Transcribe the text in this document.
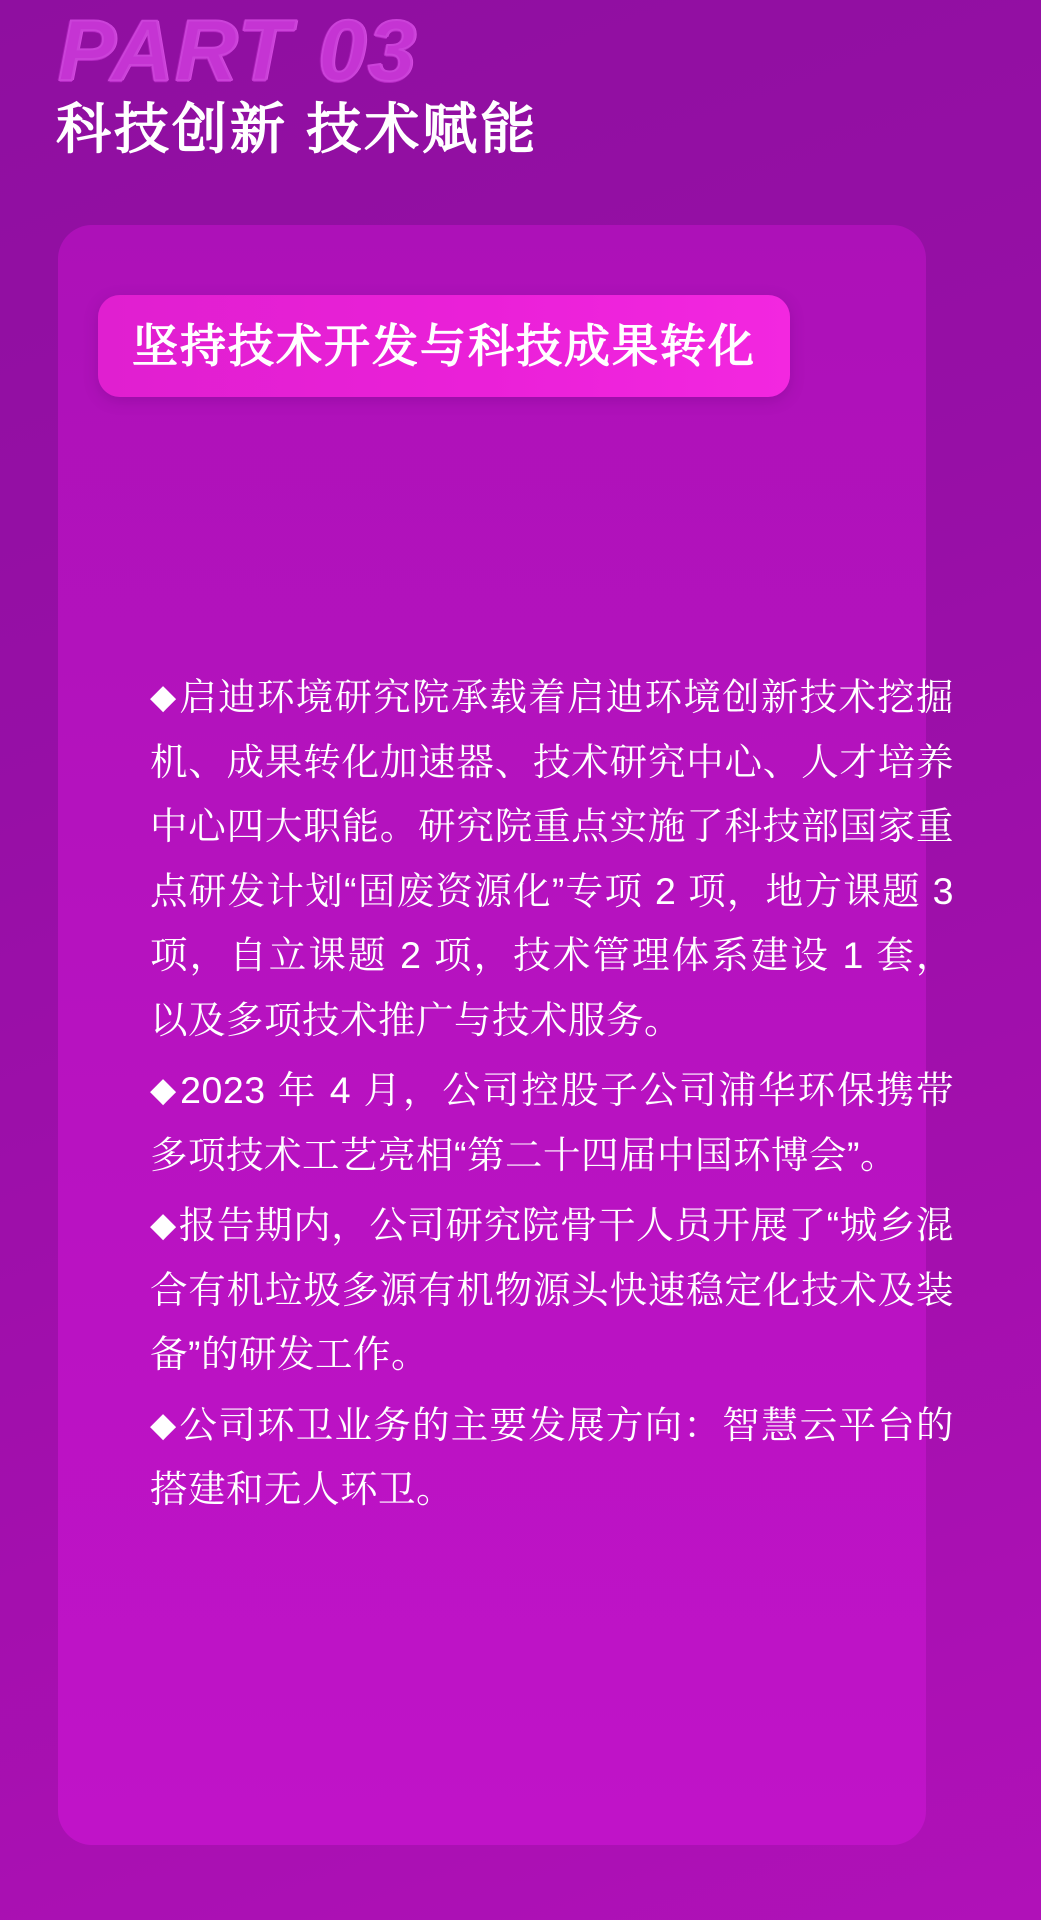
PART 03
科技创新 技术赋能
坚持技术开发与科技成果转化

◆启迪环境研究院承载着启迪环境创新技术挖掘机、成果转化加速器、技术研究中心、人才培养中心四大职能。研究院重点实施了科技部国家重点研发计划“固废资源化”专项 2 项，地方课题 3 项，自立课题 2 项，技术管理体系建设 1 套，以及多项技术推广与技术服务。

◆2023 年 4 月，公司控股子公司浦华环保携带多项技术工艺亮相“第二十四届中国环博会”。

◆报告期内，公司研究院骨干人员开展了“城乡混合有机垃圾多源有机物源头快速稳定化技术及装备”的研发工作。

◆公司环卫业务的主要发展方向：智慧云平台的搭建和无人环卫。
